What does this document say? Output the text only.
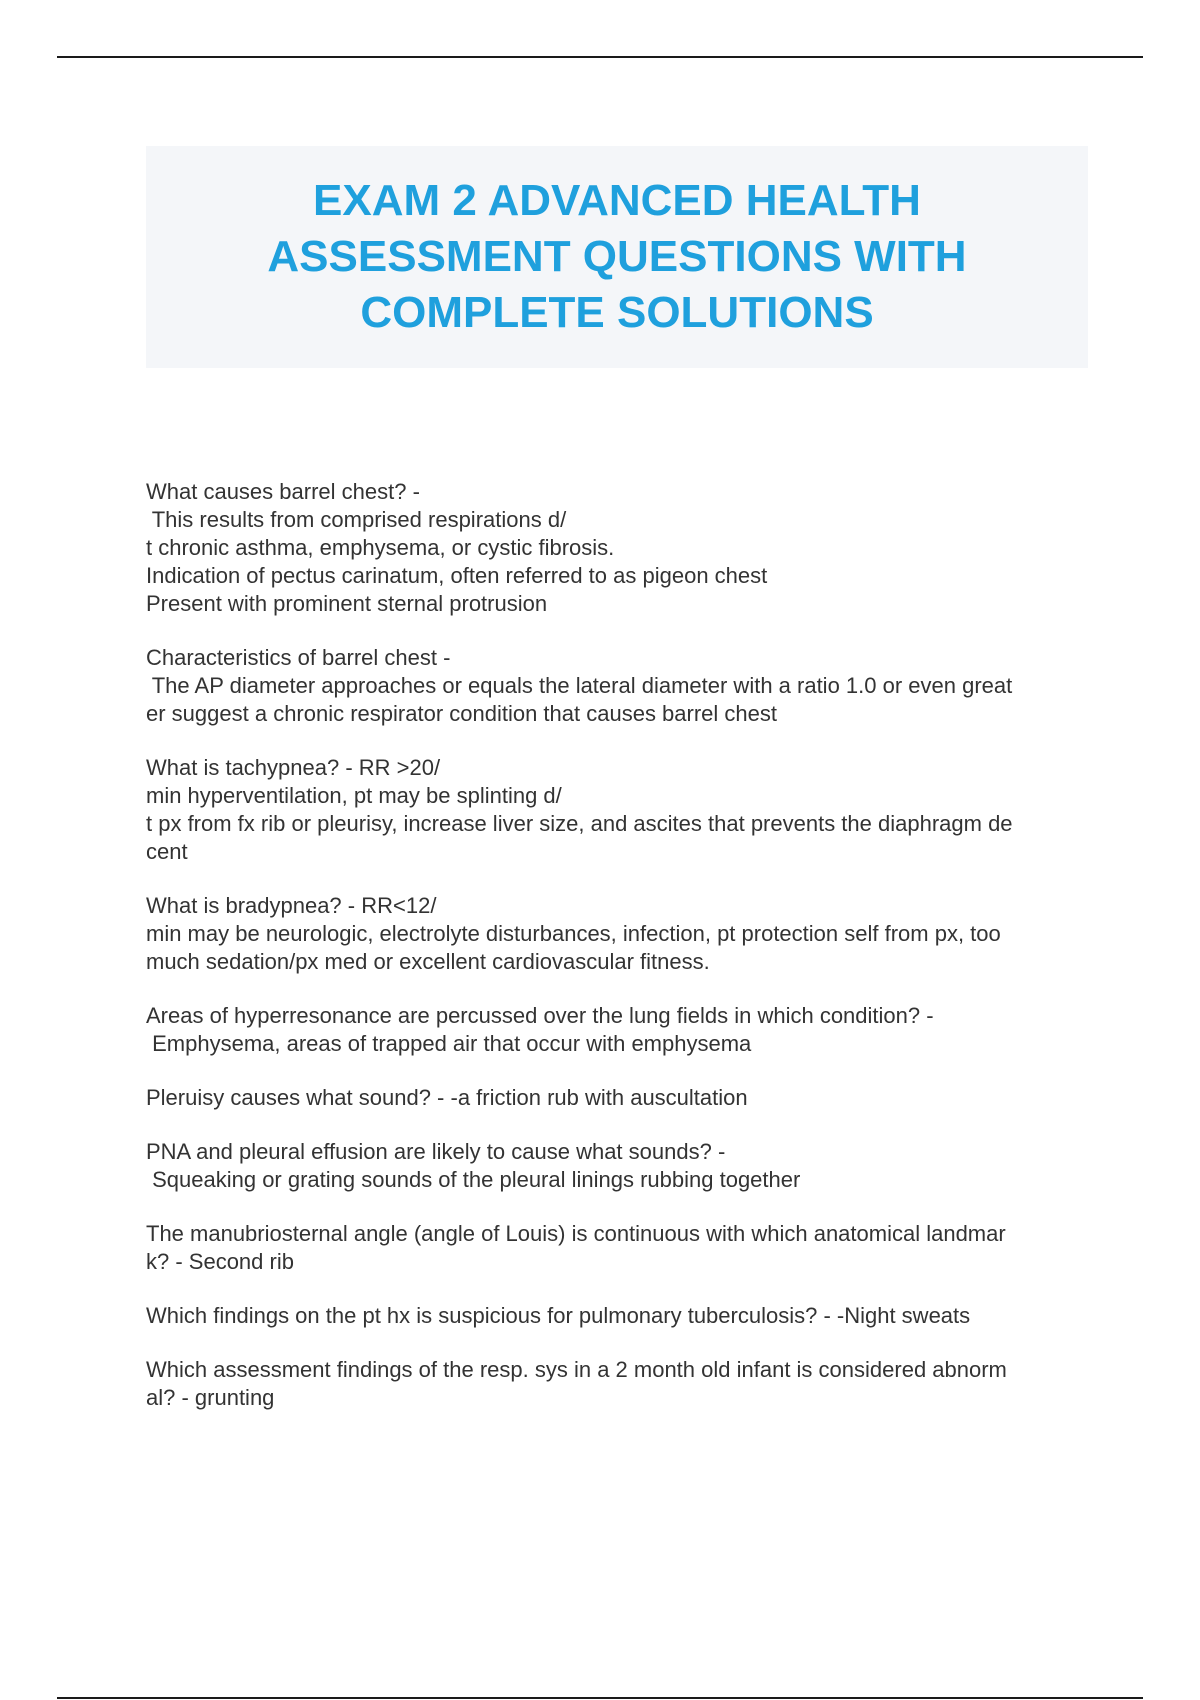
EXAM 2 ADVANCED HEALTH
ASSESSMENT QUESTIONS WITH
COMPLETE SOLUTIONS

What causes barrel chest? -
This results from comprised respirations d/
t chronic asthma, emphysema, or cystic fibrosis.
Indication of pectus carinatum, often referred to as pigeon chest
Present with prominent sternal protrusion

Characteristics of barrel chest -
The AP diameter approaches or equals the lateral diameter with a ratio 1.0 or even great
er suggest a chronic respirator condition that causes barrel chest

What is tachypnea? - RR >20/
min hyperventilation, pt may be splinting d/
t px from fx rib or pleurisy, increase liver size, and ascites that prevents the diaphragm de
cent

What is bradypnea? - RR<12/
min may be neurologic, electrolyte disturbances, infection, pt protection self from px, too
much sedation/px med or excellent cardiovascular fitness.

Areas of hyperresonance are percussed over the lung fields in which condition? -
Emphysema, areas of trapped air that occur with emphysema

Pleruisy causes what sound? - -a friction rub with auscultation

PNA and pleural effusion are likely to cause what sounds? -
Squeaking or grating sounds of the pleural linings rubbing together

The manubriosternal angle (angle of Louis) is continuous with which anatomical landmar
k? - Second rib

Which findings on the pt hx is suspicious for pulmonary tuberculosis? - -Night sweats

Which assessment findings of the resp. sys in a 2 month old infant is considered abnorm
al? - grunting
